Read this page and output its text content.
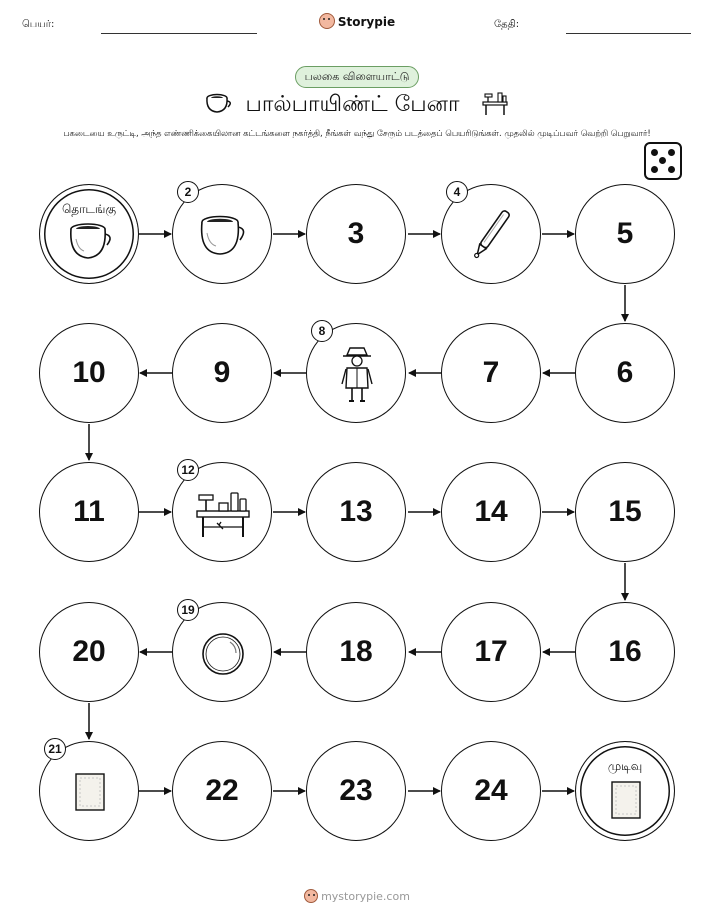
பெயர்:	Storypie	தேதி:
பலகை விளையாட்டு
பால்பாயிண்ட் பேனா
பகடையை உருட்டி, அந்த எண்ணிக்கையிலான கட்டங்களை நகர்த்தி, நீங்கள் வந்து சேரும் படத்தைப் பெயரிடுங்கள். முதலில் முடிப்பவர் வெற்றி பெறுவார்!
தொடங்கு
2
3
4
5
10	9
8
7	6
11
12
13	14	15
20
19
18	17	16
21
22	23	24
முடிவு
mystorypie.com
